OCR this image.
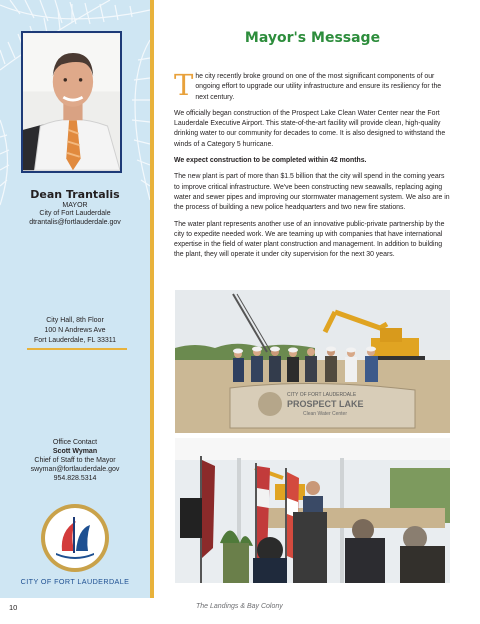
Dean Trantalis
MAYOR
City of Fort Lauderdale
dtrantalis@fortlauderdale.gov
City Hall, 8th Floor
100 N Andrews Ave
Fort Lauderdale, FL 33311
Office Contact
Scott Wyman
Chief of Staff to the Mayor
swyman@fortlauderdale.gov
954.828.5314
CITY OF FORT LAUDERDALE
Mayor's Message

The city recently broke ground on one of the most significant components of our ongoing effort to upgrade our utility infrastructure and ensure its resiliency for the next century.

We officially began construction of the Prospect Lake Clean Water Center near the Fort Lauderdale Executive Airport. This state-of-the-art facility will provide clean, high-quality drinking water to our community for decades to come. It is also designed to withstand the winds of a Category 5 hurricane.

We expect construction to be completed within 42 months.

The new plant is part of more than $1.5 billion that the city will spend in the coming years to improve critical infrastructure. We've been constructing new seawalls, replacing aging water and sewer pipes and improving our stormwater management system. We also are in the process of building a new police headquarters and two new fire stations.

The water plant represents another use of an innovative public-private partnership by the city to expedite needed work. We are teaming up with companies that have international expertise in the field of water plant construction and management. In addition to building the plant, they will operate it under city supervision for the next 30 years.

CITY OF FORT LAUDERDALE
PROSPECT LAKE
Clean Water Center
10	The Landings & Bay Colony
